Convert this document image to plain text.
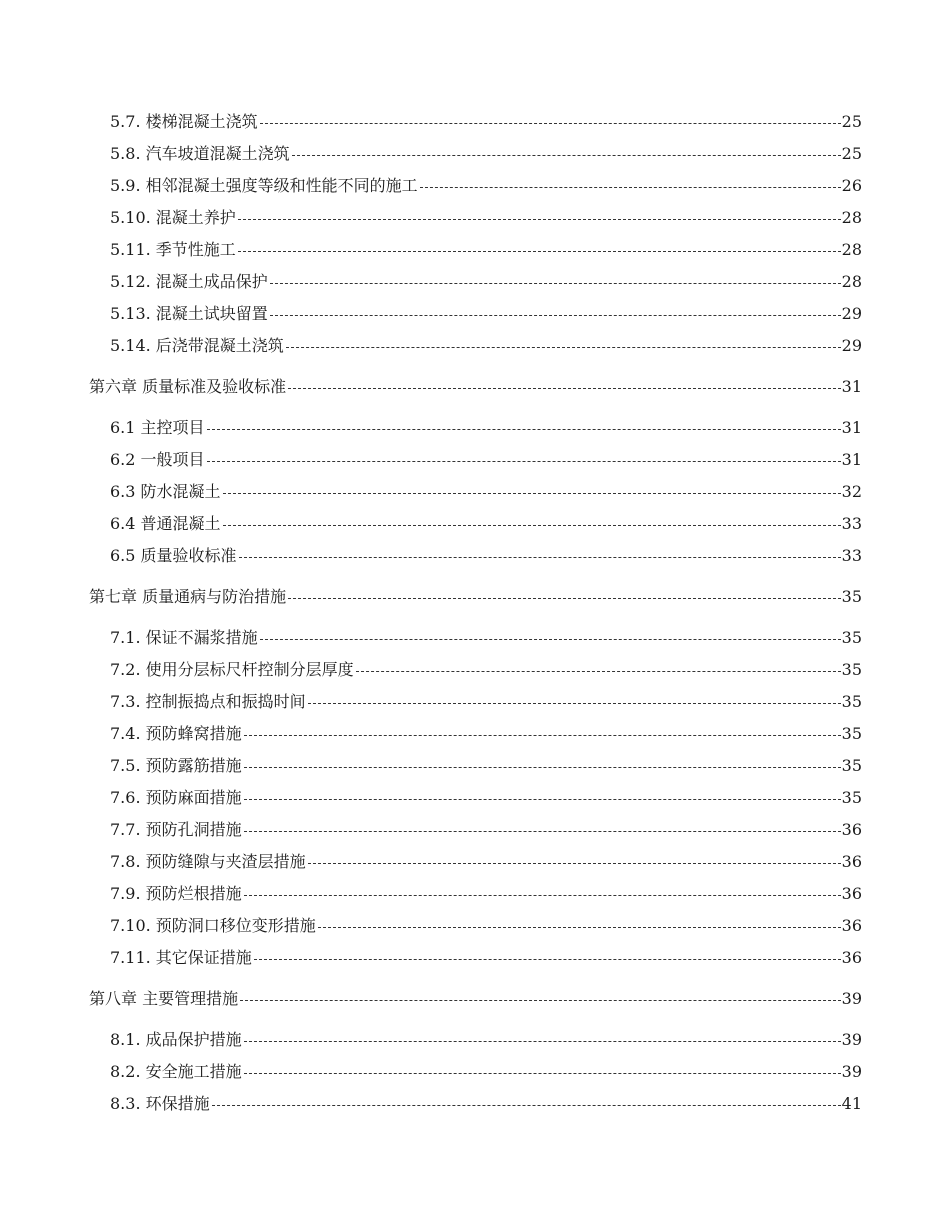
5.7. 楼梯混凝土浇筑	25
5.8. 汽车坡道混凝土浇筑	25
5.9. 相邻混凝土强度等级和性能不同的施工	26
5.10. 混凝土养护	28
5.11. 季节性施工	28
5.12. 混凝土成品保护	28
5.13. 混凝土试块留置	29
5.14. 后浇带混凝土浇筑	29
第六章 质量标准及验收标准	31
6.1 主控项目	31
6.2 一般项目	31
6.3 防水混凝土	32
6.4 普通混凝土	33
6.5 质量验收标准	33
第七章 质量通病与防治措施	35
7.1. 保证不漏浆措施	35
7.2. 使用分层标尺杆控制分层厚度	35
7.3. 控制振捣点和振捣时间	35
7.4. 预防蜂窝措施	35
7.5. 预防露筋措施	35
7.6. 预防麻面措施	35
7.7. 预防孔洞措施	36
7.8. 预防缝隙与夹渣层措施	36
7.9. 预防烂根措施	36
7.10. 预防洞口移位变形措施	36
7.11. 其它保证措施	36
第八章 主要管理措施	39
8.1. 成品保护措施	39
8.2. 安全施工措施	39
8.3. 环保措施	41
